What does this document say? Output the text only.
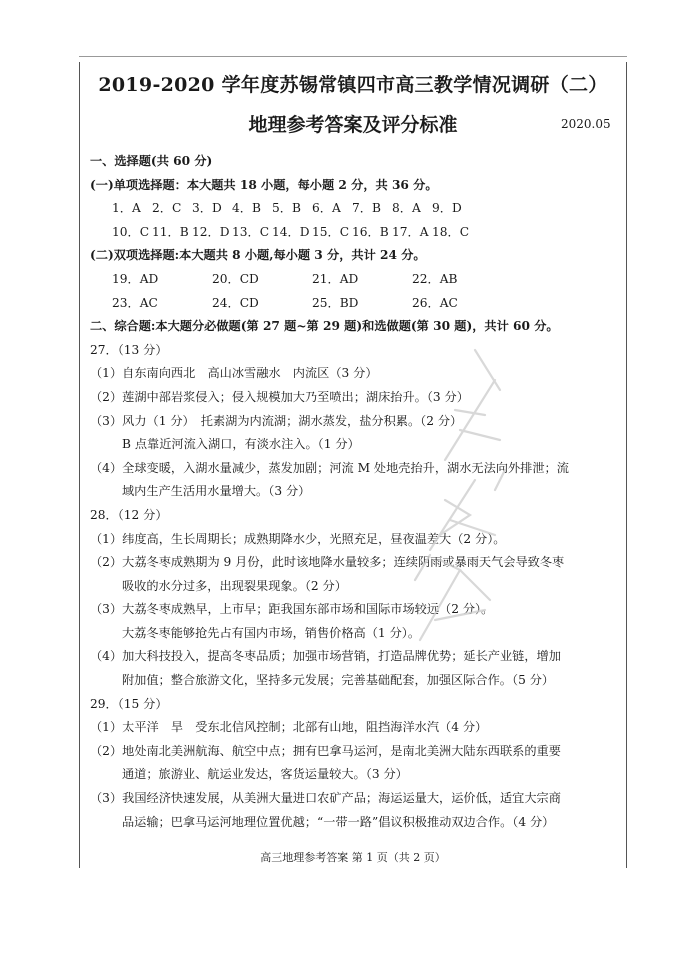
2019-2020 学年度苏锡常镇四市高三教学情况调研（二）
地理参考答案及评分标准	2020.05
一、选择题(共 60 分)
(一)单项选择题：本大题共 18 小题，每小题 2 分，共 36 分。
1．A 2．C 3．D 4．B 5．B 6．A 7．B 8．A 9．D
10．C 11．B 12．D 13．C 14．D 15．C 16．B 17．A 18．C
(二)双项选择题:本大题共 8 小题,每小题 3 分，共计 24 分。
19．AD	20．CD	21．AD	22．AB
23．AC	24．CD	25．BD	26．AC
二、综合题:本大题分必做题(第 27 题~第 29 题)和选做题(第 30 题)，共计 60 分。
27．（13 分）
（1）自东南向西北　高山冰雪融水　内流区（3 分）
（2）莲湖中部岩浆侵入；侵入规模加大乃至喷出；湖床抬升。（3 分）
（3）风力（1 分）　托素湖为内流湖；湖水蒸发，盐分积累。（2 分）
B 点靠近河流入湖口，有淡水注入。（1 分）
（4）全球变暖，入湖水量减少，蒸发加剧；河流 M 处地壳抬升，湖水无法向外排泄；流
域内生产生活用水量增大。（3 分）
28．（12 分）
（1）纬度高，生长周期长；成熟期降水少，光照充足，昼夜温差大（2 分）。
（2）大荔冬枣成熟期为 9 月份，此时该地降水量较多；连续阴雨或暴雨天气会导致冬枣
吸收的水分过多，出现裂果现象。（2 分）
（3）大荔冬枣成熟早，上市早；距我国东部市场和国际市场较远（2 分）。
大荔冬枣能够抢先占有国内市场，销售价格高（1 分）。
（4）加大科技投入，提高冬枣品质；加强市场营销，打造品牌优势；延长产业链，增加
附加值；整合旅游文化，坚持多元发展；完善基础配套，加强区际合作。（5 分）
29．（15 分）
（1）太平洋　旱　受东北信风控制；北部有山地，阻挡海洋水汽（4 分）
（2）地处南北美洲航海、航空中点；拥有巴拿马运河，是南北美洲大陆东西联系的重要
通道；旅游业、航运业发达，客货运量较大。（3 分）
（3）我国经济快速发展，从美洲大量进口农矿产品；海运运量大，运价低，适宜大宗商
品运输；巴拿马运河地理位置优越；“一带一路”倡议积极推动双边合作。（4 分）
高三地理参考答案 第 1 页（共 2 页）
